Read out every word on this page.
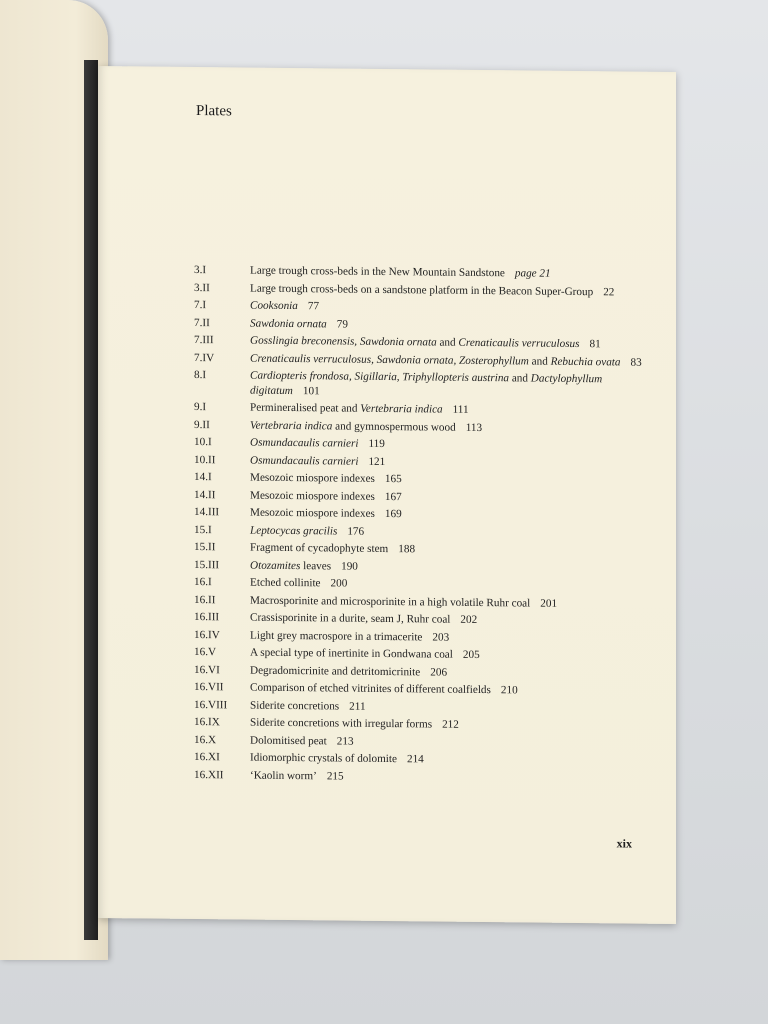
Plates
3.I	Large trough cross-beds in the New Mountain Sandstone page 21
3.II	Large trough cross-beds on a sandstone platform in the Beacon Super-Group 22
7.I	Cooksonia 77
7.II	Sawdonia ornata 79
7.III	Gosslingia breconensis, Sawdonia ornata and Crenaticaulis verruculosus 81
7.IV	Crenaticaulis verruculosus, Sawdonia ornata, Zosterophyllum and Rebuchia ovata 83
8.I	Cardiopteris frondosa, Sigillaria, Triphyllopteris austrina and Dactylophyllum digitatum 101
9.I	Permineralised peat and Vertebraria indica 111
9.II	Vertebraria indica and gymnospermous wood 113
10.I	Osmundacaulis carnieri 119
10.II	Osmundacaulis carnieri 121
14.I	Mesozoic miospore indexes 165
14.II	Mesozoic miospore indexes 167
14.III	Mesozoic miospore indexes 169
15.I	Leptocycas gracilis 176
15.II	Fragment of cycadophyte stem 188
15.III	Otozamites leaves 190
16.I	Etched collinite 200
16.II	Macrosporinite and microsporinite in a high volatile Ruhr coal 201
16.III	Crassisporinite in a durite, seam J, Ruhr coal 202
16.IV	Light grey macrospore in a trimacerite 203
16.V	A special type of inertinite in Gondwana coal 205
16.VI	Degradomicrinite and detritomicrinite 206
16.VII	Comparison of etched vitrinites of different coalfields 210
16.VIII	Siderite concretions 211
16.IX	Siderite concretions with irregular forms 212
16.X	Dolomitised peat 213
16.XI	Idiomorphic crystals of dolomite 214
16.XII	‘Kaolin worm’ 215
xix
